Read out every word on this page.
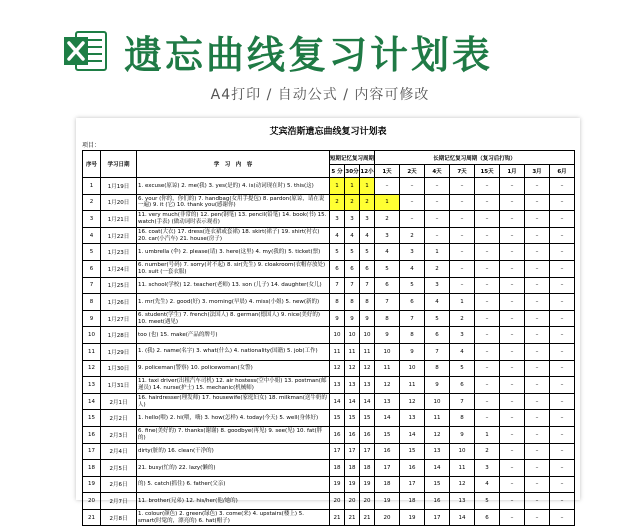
遗忘曲线复习计划表
A4打印 / 自动公式 / 内容可修改
艾宾浩斯遗忘曲线复习计划表
项目：
序号	学习日期	学　习　内　容	短期记忆复习周期			长期记忆复习周期（复习后打钩）							
			5 分	30分	12小	1天	2天	4天	7天	15天	1月	3月	6月
1	1月19日	1. excuse(原谅) 2. me(我) 3. yes(是的) 4. is(动词现在时) 5. this(这)	1	1	1	–	–	–	–	–	–	–	–
2	1月20日	6. your (你的，你们的) 7. handbag(女用手提包) 8. pardon(原谅，请在说一遍) 9. it (它) 10. thank you(感谢你)	2	2	2	1	–	–	–	–	–	–	–
3	1月21日	11. very much(非常的) 12. pen(钢笔) 13. pencil(铅笔) 14. book(书) 15. watch(手表) (做动词时表示观看)	3	3	3	2	–	–	–	–	–	–	–
4	1月22日	16. coat(大衣) 17. dress(连衣裙或套裙) 18. skirt(裙子) 19. shirt(衬衣) 20. car(小汽车) 21. house(房子)	4	4	4	3	2	–	–	–	–	–	–
5	1月23日	1. umbrella (伞) 2. please(请) 3. here(这里) 4. my(我的) 5. ticket(票)	5	5	5	4	3	1	–	–	–	–	–
6	1月24日	6. number(号码) 7. sorry(对不起) 8. sir(先生) 9. cloakroom(衣帽存放处) 10. suit (一套衣服)	6	6	6	5	4	2	–	–	–	–	–
7	1月25日	11. school(学校) 12. teacher(老师) 13. son (儿子) 14. daughter(女儿)	7	7	7	6	5	3	–	–	–	–	–
8	1月26日	1. mr(先生) 2. good(好) 3. morning(早晨) 4. miss(小姐) 5. new(新的)	8	8	8	7	6	4	1	–	–	–	–
9	1月27日	6. student(学生) 7. french(法国人) 8. german(德国人) 9. nice(美好的) 10. meet(遇见)	9	9	9	8	7	5	2	–	–	–	–
10	1月28日	too (也) 15. make(产品的牌号)	10	10	10	9	8	6	3	–	–	–	–
11	1月29日	1. (我) 2. name(名字) 3. what(什么) 4. nationality(国籍) 5. job(工作)	11	11	11	10	9	7	4	–	–	–	–
12	1月30日	9. policeman(警察) 10. policewoman(女警)	12	12	12	11	10	8	5	–	–	–	–
13	1月31日	11. taxi driver(出租汽车司机) 12. air hostess(空中小姐) 13. postman(邮递员) 14. nurse(护士) 15. mechanic(机械师)	13	13	13	12	11	9	6	–	–	–	–
14	2月1日	16. hairdresser(理发师) 17. housewife(家庭妇女) 18. milkman(送牛奶的人)	14	14	14	13	12	10	7	–	–	–	–
15	2月2日	1. hello(喂) 2. hi(喂，嗨) 3. how(怎样) 4. today(今天) 5. well(身体好)	15	15	15	14	13	11	8	–	–	–	–
16	2月3日	6. fine(美好的) 7. thanks(谢谢) 8. goodbye(再见) 9. see(见) 10. fat(胖的)	16	16	16	15	14	12	9	1	–	–	–
17	2月4日	dirty(脏的) 16. clean(干净的)	17	17	17	16	15	13	10	2	–	–	–
18	2月5日	21. busy(忙的) 22. lazy(懒的)	18	18	18	17	16	14	11	3	–	–	–
19	2月6日	的) 5. catch(抓住) 6. father(父亲)	19	19	19	18	17	15	12	4	–	–	–
20	2月7日	11. brother(兄弟) 12. his/her(他/她的)	20	20	20	19	18	16	13	5	–	–	–
21	2月8日	1. colour(颜色) 2. green(绿色) 3. come(来) 4. upstairs(楼上) 5. smart(时髦的，漂亮的) 6. hat(帽子)	21	21	21	20	19	17	14	6	–	–	–
